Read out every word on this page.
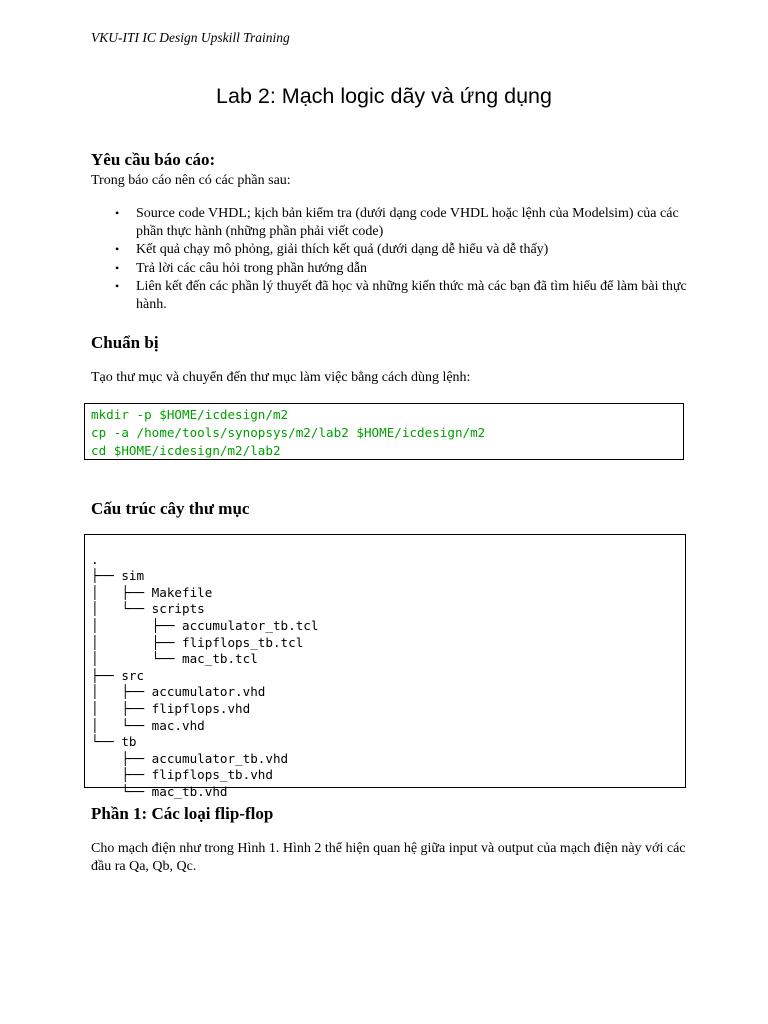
VKU-ITI IC Design Upskill Training
Lab 2: Mạch logic dãy và ứng dụng
Yêu cầu báo cáo:
Trong báo cáo nên có các phần sau:
• Source code VHDL; kịch bản kiểm tra (dưới dạng code VHDL hoặc lệnh của Modelsim) của các phần thực hành (những phần phải viết code)
• Kết quả chạy mô phỏng, giải thích kết quả (dưới dạng dễ hiểu và dễ thấy)
• Trả lời các câu hỏi trong phần hướng dẫn
• Liên kết đến các phần lý thuyết đã học và những kiến thức mà các bạn đã tìm hiểu để làm bài thực hành.
Chuẩn bị
Tạo thư mục và chuyển đến thư mục làm việc bằng cách dùng lệnh:
mkdir -p $HOME/icdesign/m2
cp -a /home/tools/synopsys/m2/lab2 $HOME/icdesign/m2
cd $HOME/icdesign/m2/lab2
Cấu trúc cây thư mục

.
├── sim
│   ├── Makefile
│   └── scripts
│       ├── accumulator_tb.tcl
│       ├── flipflops_tb.tcl
│       └── mac_tb.tcl
├── src
│   ├── accumulator.vhd
│   ├── flipflops.vhd
│   └── mac.vhd
└── tb
├── accumulator_tb.vhd
├── flipflops_tb.vhd
└── mac_tb.vhd

Phần 1: Các loại flip-flop
Cho mạch điện như trong Hình 1. Hình 2 thể hiện quan hệ giữa input và output của mạch điện này với các đầu ra Qa, Qb, Qc.
